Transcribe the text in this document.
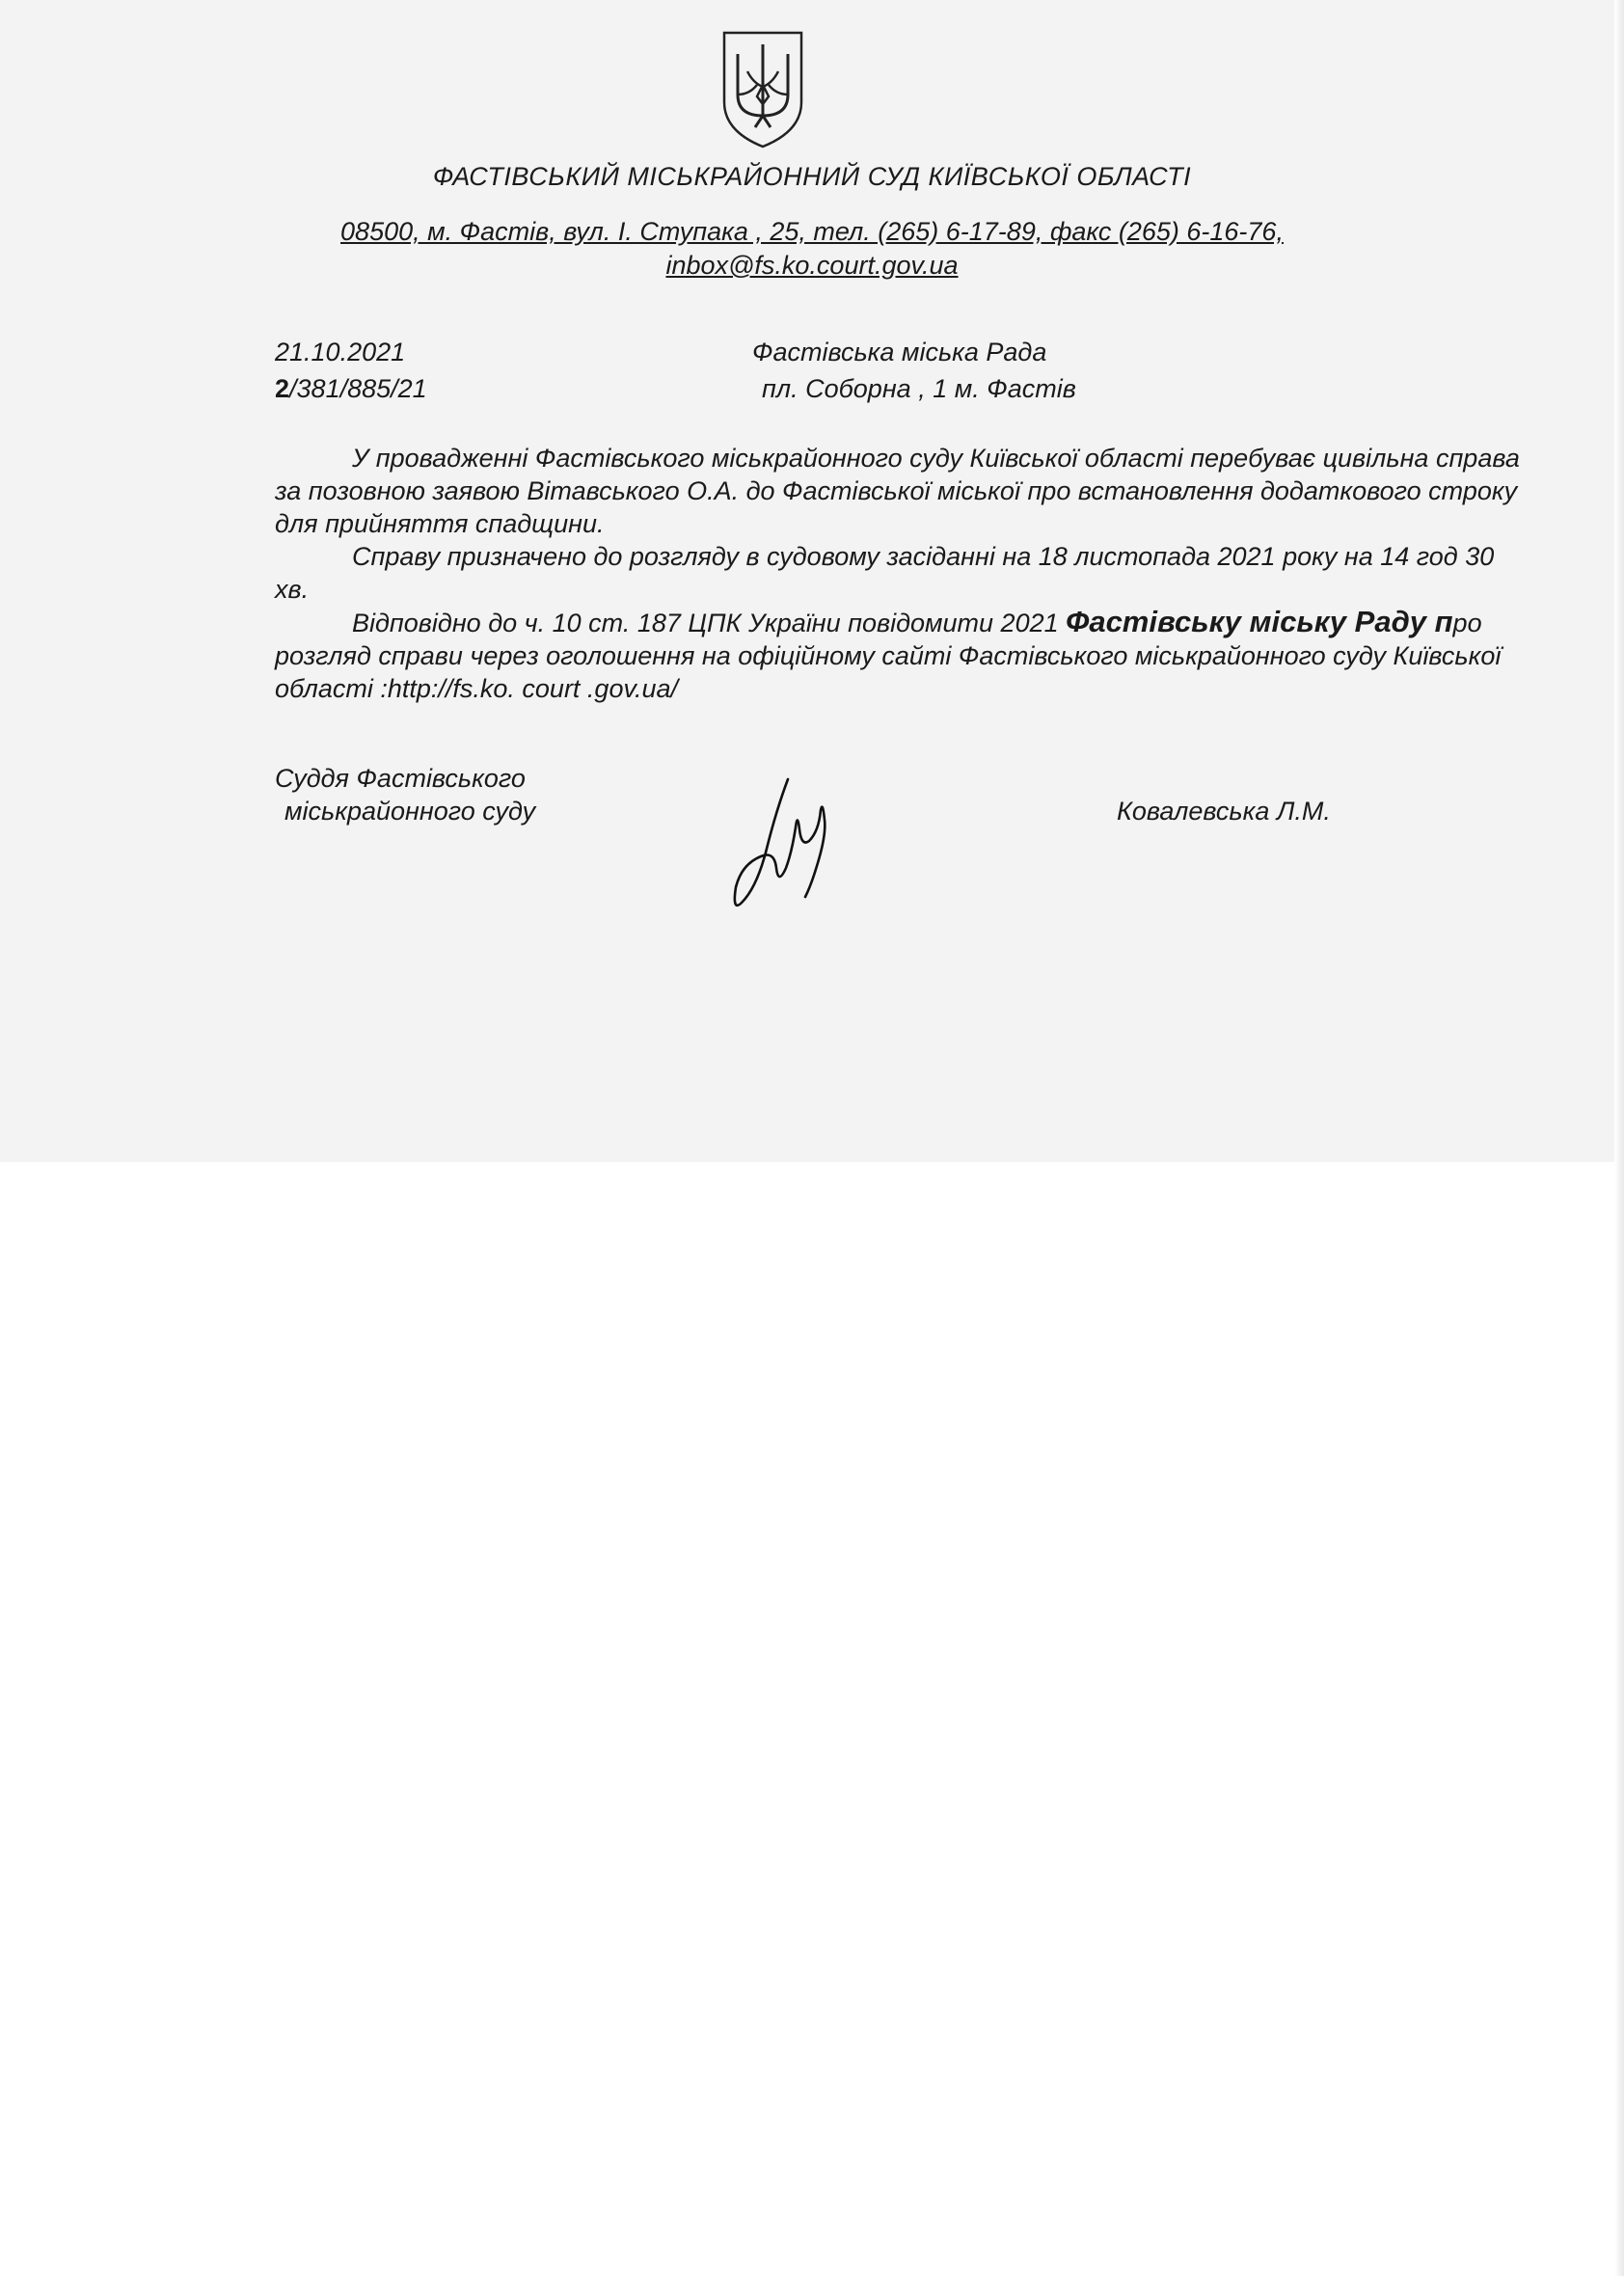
ФАСТІВСЬКИЙ МІСЬКРАЙОННИЙ СУД КИЇВСЬКОЇ ОБЛАСТІ
08500, м. Фастів, вул. І. Ступака , 25, тел. (265) 6-17-89, факс (265) 6-16-76,
inbox@fs.ko.court.gov.ua
21.10.2021
2/381/885/21
Фастівська міська Рада
пл. Соборна , 1 м. Фастів

У провадженні Фастівського міськрайонного суду Київської області перебуває цивільна справа за позовною заявою Вітавського О.А. до Фастівської міської про встановлення додаткового строку для прийняття спадщини.

Справу призначено до розгляду в судовому засіданні на 18 листопада 2021 року на 14 год 30 хв.

Відповідно до ч. 10 ст. 187 ЦПК України повідомити 2021 Фастівську міську Раду про розгляд справи через оголошення на офіційному сайті Фастівського міськрайонного суду Київської області :http://fs.ko. court .gov.ua/

Суддя Фастівського
міськрайонного суду	Ковалевська Л.М.
